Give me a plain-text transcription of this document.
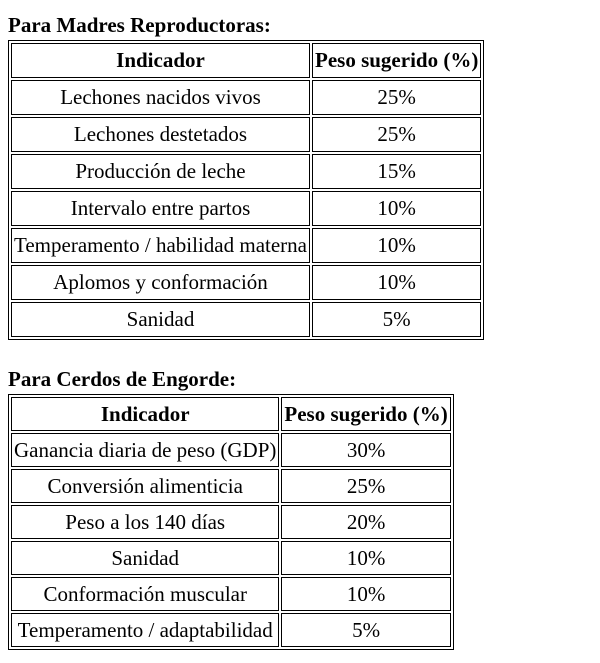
Para Madres Reproductoras:
Indicador	Peso sugerido (%)
Lechones nacidos vivos	25%
Lechones destetados	25%
Producción de leche	15%
Intervalo entre partos	10%
Temperamento / habilidad materna	10%
Aplomos y conformación	10%
Sanidad	5%
Para Cerdos de Engorde:
Indicador	Peso sugerido (%)
Ganancia diaria de peso (GDP)	30%
Conversión alimenticia	25%
Peso a los 140 días	20%
Sanidad	10%
Conformación muscular	10%
Temperamento / adaptabilidad	5%
